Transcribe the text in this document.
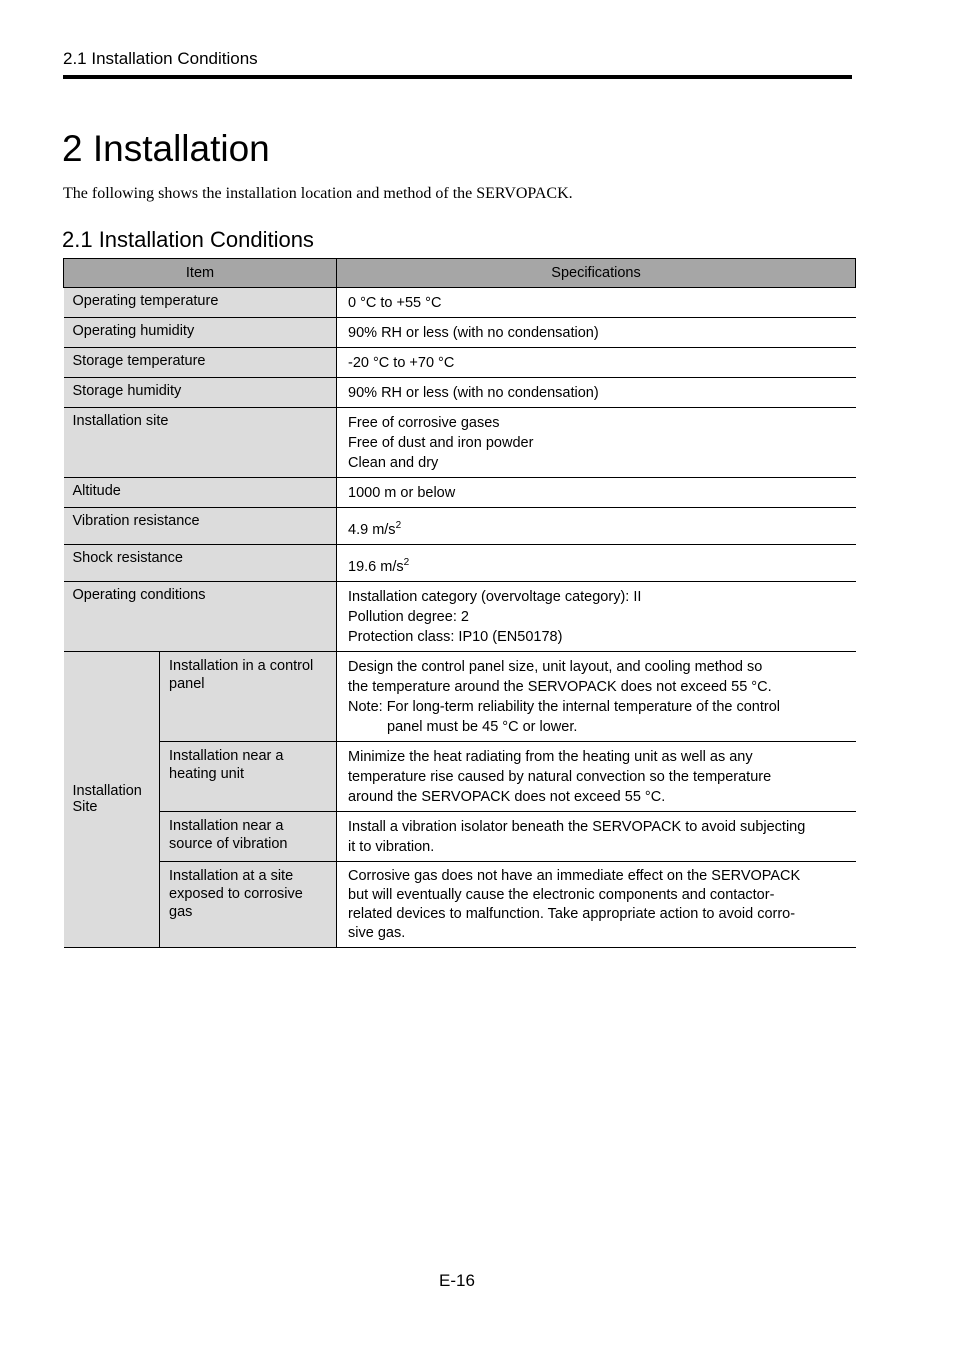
2.1 Installation Conditions
2 Installation
The following shows the installation location and method of the SERVOPACK.
2.1 Installation Conditions
Item		Specifications
Operating temperature		0 °C to +55 °C

Operating humidity		90% RH or less (with no condensation)

Storage temperature		-20 °C to +70 °C

Storage humidity		90% RH or less (with no condensation)

Installation site		Free of corrosive gases
Free of dust and iron powder
Clean and dry

Altitude		1000 m or below

Vibration resistance		4.9 $m/s^2$

Shock resistance		19.6 $m/s^2$

Operating conditions		Installation category (overvoltage category): II
Pollution degree: 2
Protection class: IP10 (EN50178)

Installation Site	Installation in a control panel	Design the control panel size, unit layout, and cooling method so
the temperature around the SERVOPACK does not exceed 55 °C.
Note: For long-term reliability the internal temperature of the control
panel must be 45 °C or lower.

	Installation near a heating unit	Minimize the heat radiating from the heating unit as well as any
temperature rise caused by natural convection so the temperature
around the SERVOPACK does not exceed 55 °C.

	Installation near a source of vibration	Install a vibration isolator beneath the SERVOPACK to avoid subjecting
it to vibration.

	Installation at a site exposed to corrosive gas	Corrosive gas does not have an immediate effect on the SERVOPACK
but will eventually cause the electronic components and contactor-
related devices to malfunction. Take appropriate action to avoid corro-
sive gas.
E-16
